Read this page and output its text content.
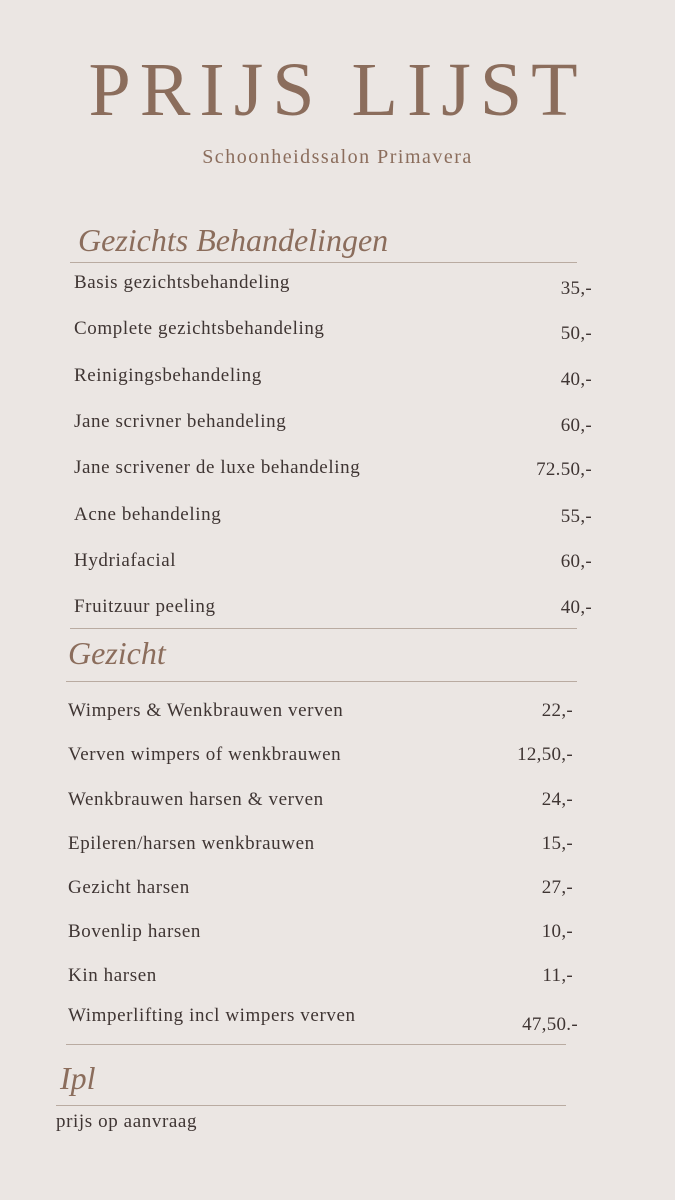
PRIJS LIJST
Schoonheidssalon Primavera
Gezichts Behandelingen
Basis gezichtsbehandeling	35,-
Complete gezichtsbehandeling	50,-
Reinigingsbehandeling	40,-
Jane scrivner behandeling	60,-
Jane scrivener de luxe behandeling	72.50,-
Acne behandeling	55,-
Hydriafacial	60,-
Fruitzuur peeling	40,-
Gezicht
Wimpers & Wenkbrauwen verven	22,-
Verven wimpers of wenkbrauwen	12,50,-
Wenkbrauwen harsen & verven	24,-
Epileren/harsen wenkbrauwen	15,-
Gezicht harsen	27,-
Bovenlip harsen	10,-
Kin harsen	11,-
Wimperlifting incl wimpers verven	47,50.-
Ipl
prijs op aanvraag
